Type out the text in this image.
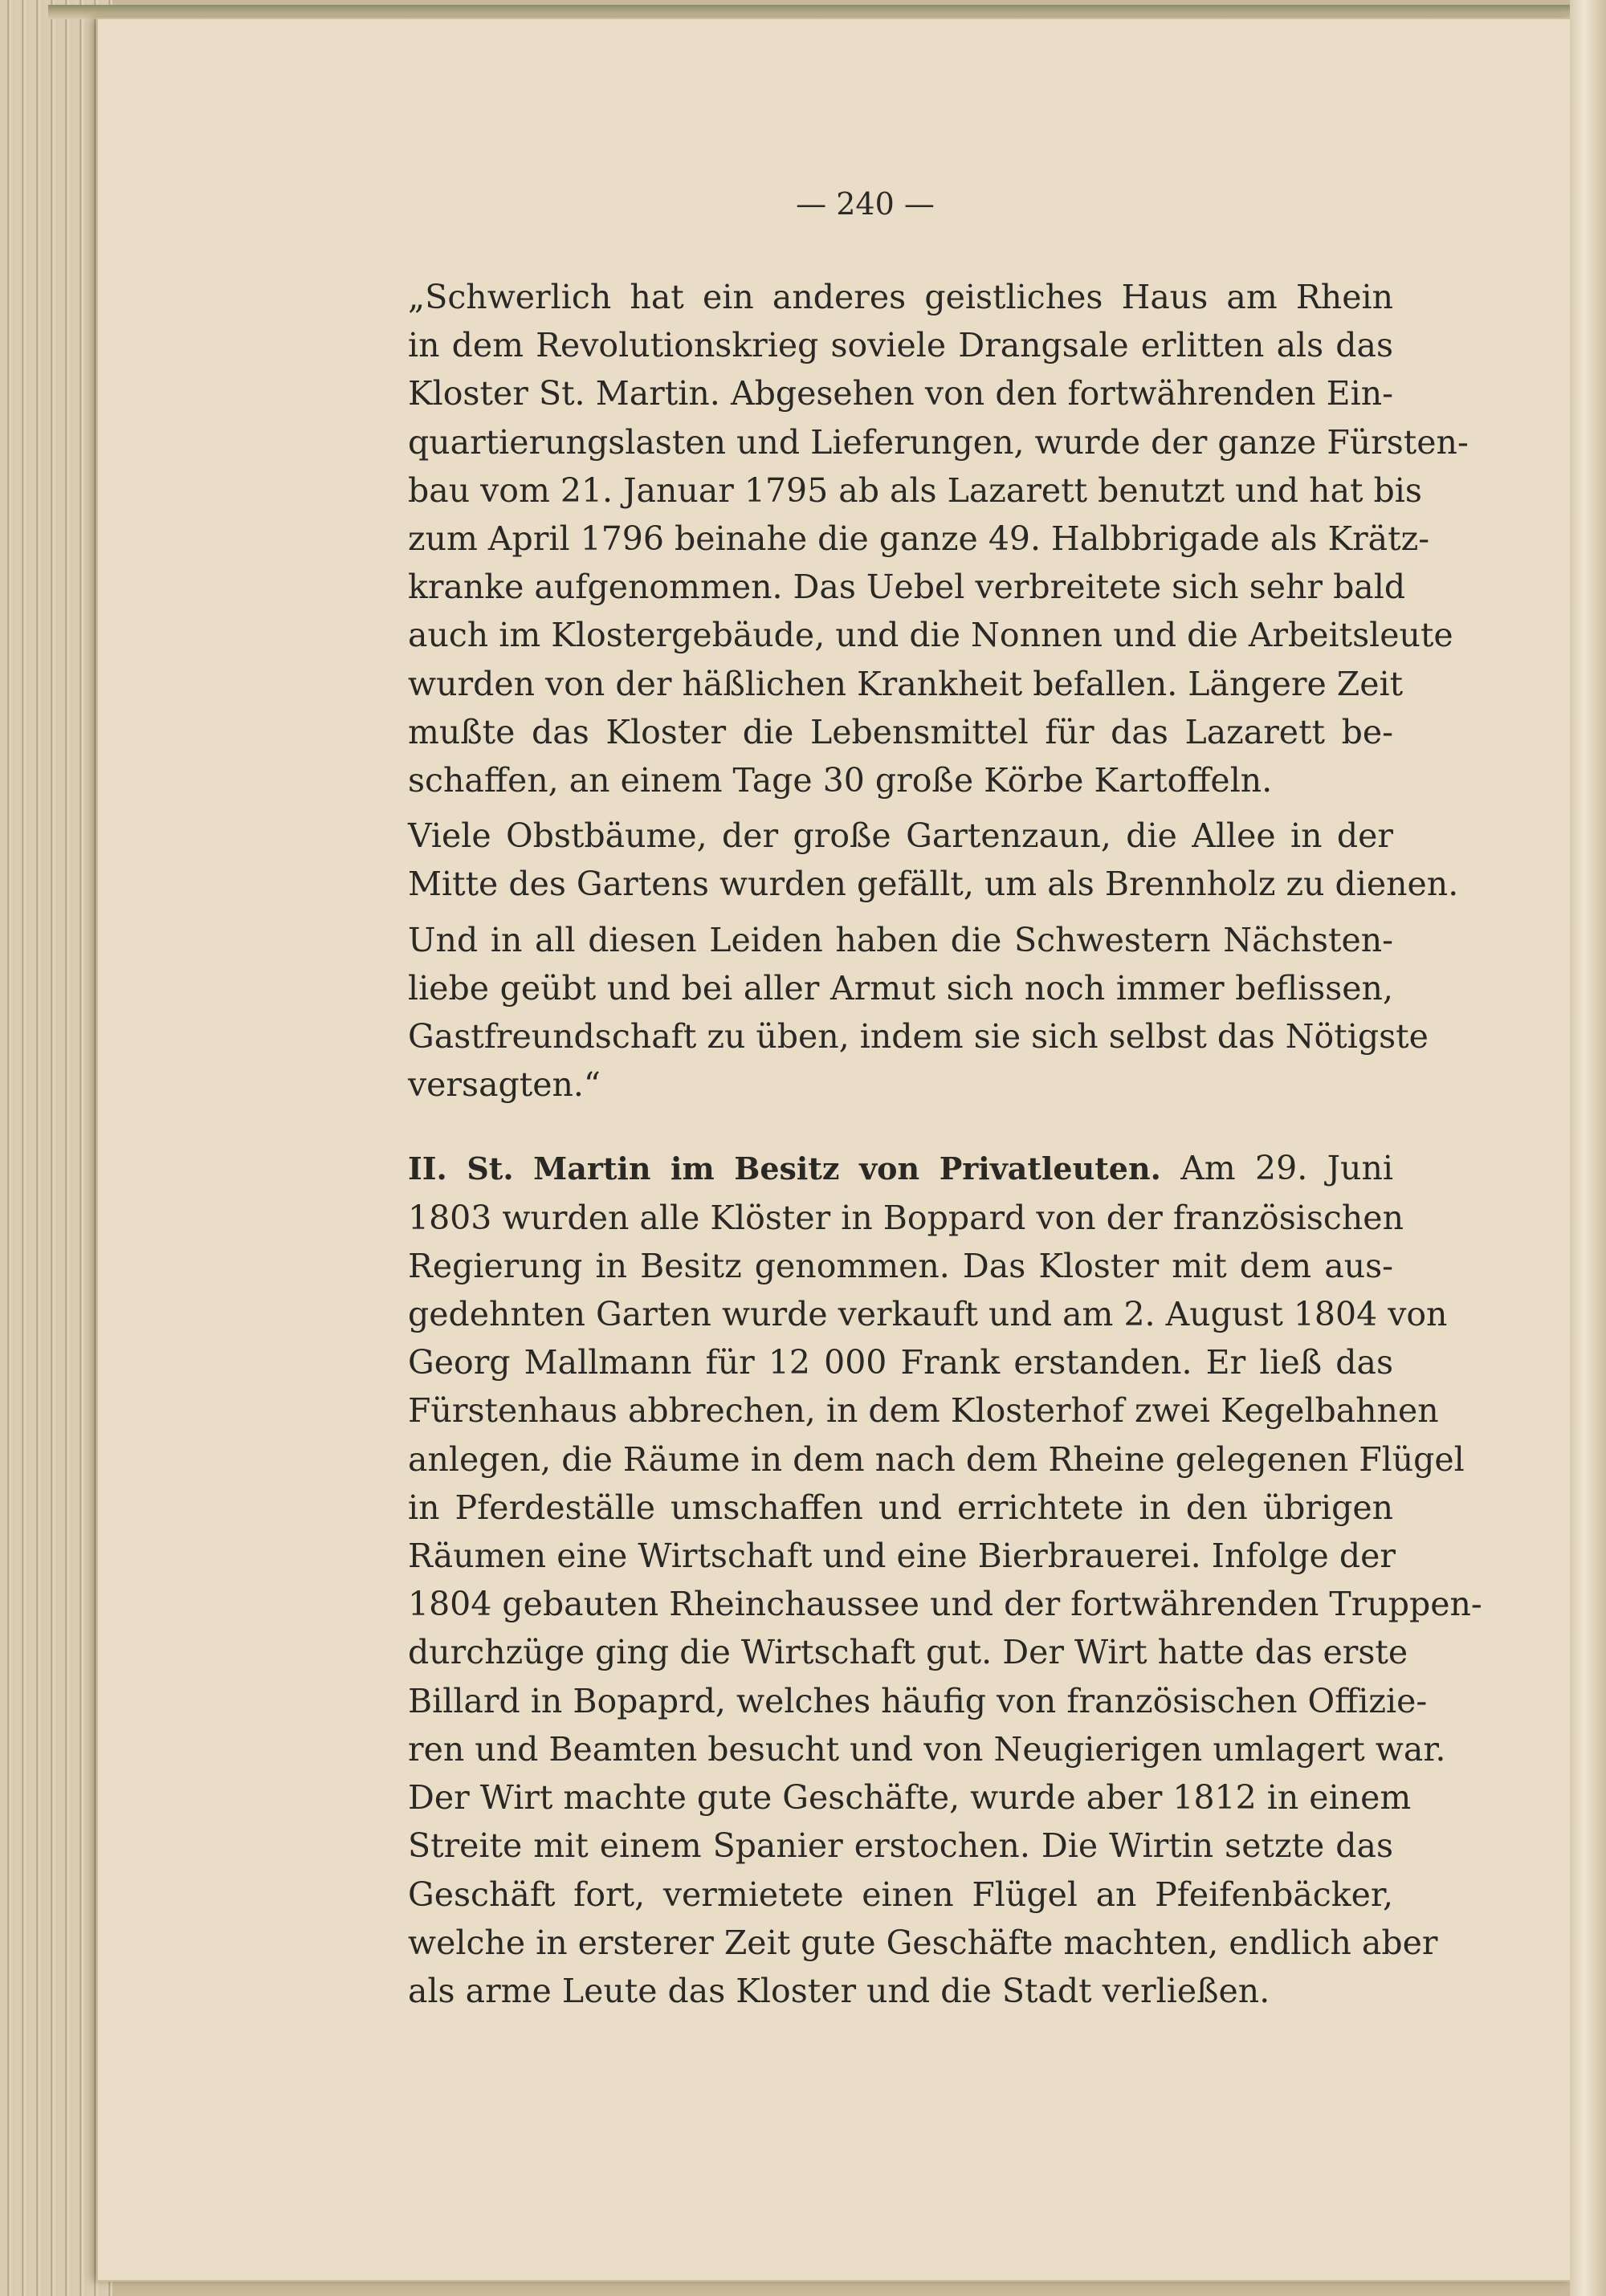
— 240 —

„Schwerlich hat ein anderes geistliches Haus am Rhein
in dem Revolutionskrieg soviele Drangsale erlitten als das
Kloster St. Martin. Abgesehen von den fortwährenden Ein-
quartierungslasten und Lieferungen, wurde der ganze Fürsten-
bau vom 21. Januar 1795 ab als Lazarett benutzt und hat bis
zum April 1796 beinahe die ganze 49. Halbbrigade als Krätz-
kranke aufgenommen. Das Uebel verbreitete sich sehr bald
auch im Klostergebäude, und die Nonnen und die Arbeitsleute
wurden von der häßlichen Krankheit befallen. Längere Zeit
mußte das Kloster die Lebensmittel für das Lazarett be-
schaffen, an einem Tage 30 große Körbe Kartoffeln.

Viele Obstbäume, der große Gartenzaun, die Allee in der
Mitte des Gartens wurden gefällt, um als Brennholz zu dienen.

Und in all diesen Leiden haben die Schwestern Nächsten-
liebe geübt und bei aller Armut sich noch immer beflissen,
Gastfreundschaft zu üben, indem sie sich selbst das Nötigste
versagten.“

II. St. Martin im Besitz von Privatleuten. Am 29. Juni
1803 wurden alle Klöster in Boppard von der französischen
Regierung in Besitz genommen. Das Kloster mit dem aus-
gedehnten Garten wurde verkauft und am 2. August 1804 von
Georg Mallmann für 12 000 Frank erstanden. Er ließ das
Fürstenhaus abbrechen, in dem Klosterhof zwei Kegelbahnen
anlegen, die Räume in dem nach dem Rheine gelegenen Flügel
in Pferdeställe umschaffen und errichtete in den übrigen
Räumen eine Wirtschaft und eine Bierbrauerei. Infolge der
1804 gebauten Rheinchaussee und der fortwährenden Truppen-
durchzüge ging die Wirtschaft gut. Der Wirt hatte das erste
Billard in Bopaprd, welches häufig von französischen Offizie-
ren und Beamten besucht und von Neugierigen umlagert war.
Der Wirt machte gute Geschäfte, wurde aber 1812 in einem
Streite mit einem Spanier erstochen. Die Wirtin setzte das
Geschäft fort, vermietete einen Flügel an Pfeifenbäcker,
welche in ersterer Zeit gute Geschäfte machten, endlich aber
als arme Leute das Kloster und die Stadt verließen.
